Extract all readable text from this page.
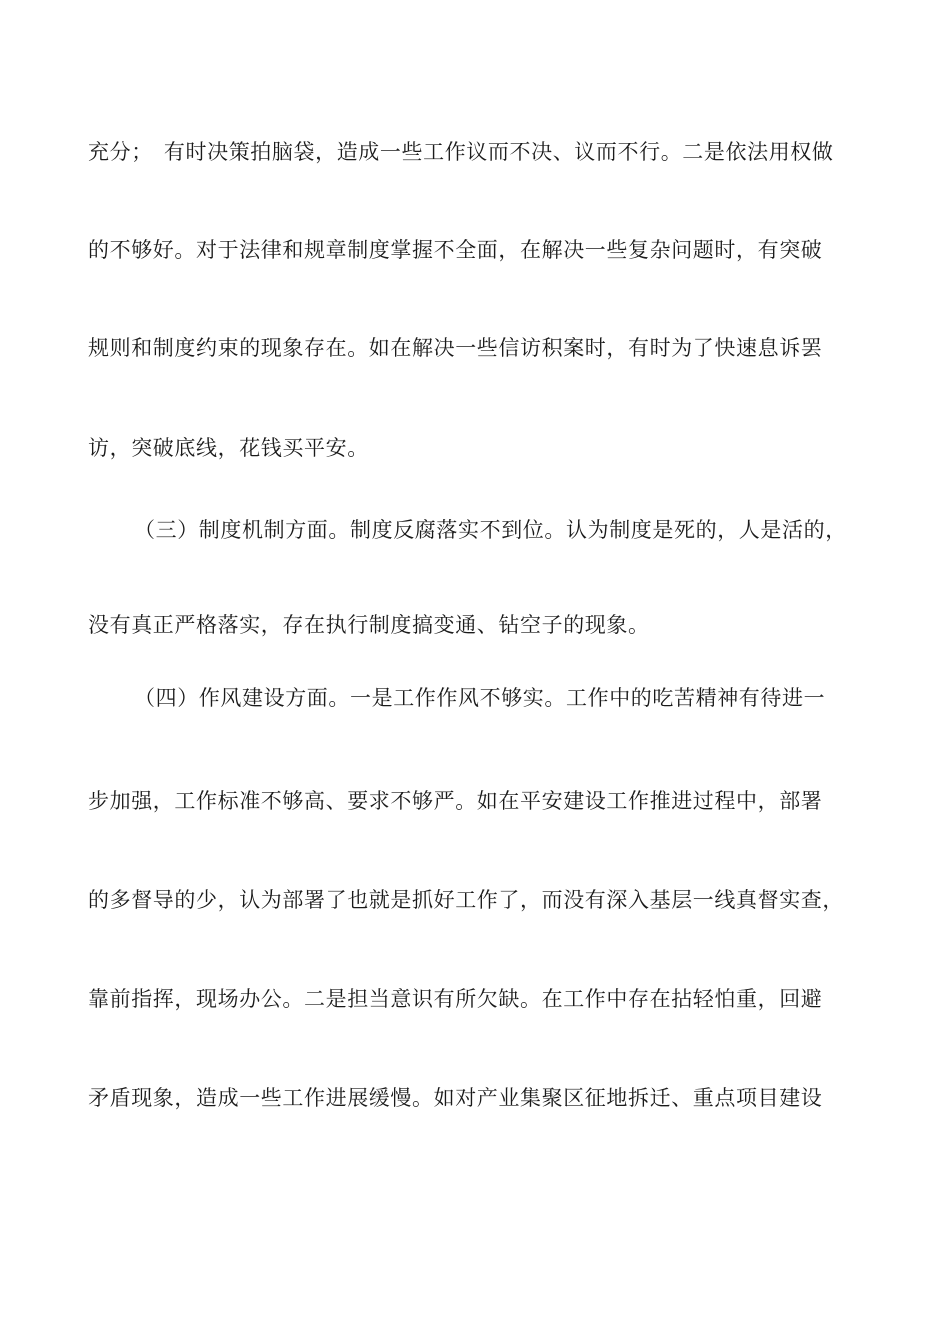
充分；　有时决策拍脑袋，造成一些工作议而不决、议而不行。二是依法用权做
的不够好。对于法律和规章制度掌握不全面，在解决一些复杂问题时，有突破
规则和制度约束的现象存在。如在解决一些信访积案时，有时为了快速息诉罢
访，突破底线，花钱买平安。
（三）制度机制方面。制度反腐落实不到位。认为制度是死的，人是活的，
没有真正严格落实，存在执行制度搞变通、钻空子的现象。
（四）作风建设方面。一是工作作风不够实。工作中的吃苦精神有待进一
步加强，工作标准不够高、要求不够严。如在平安建设工作推进过程中，部署
的多督导的少，认为部署了也就是抓好工作了，而没有深入基层一线真督实查，
靠前指挥，现场办公。二是担当意识有所欠缺。在工作中存在拈轻怕重，回避
矛盾现象，造成一些工作进展缓慢。如对产业集聚区征地拆迁、重点项目建设
